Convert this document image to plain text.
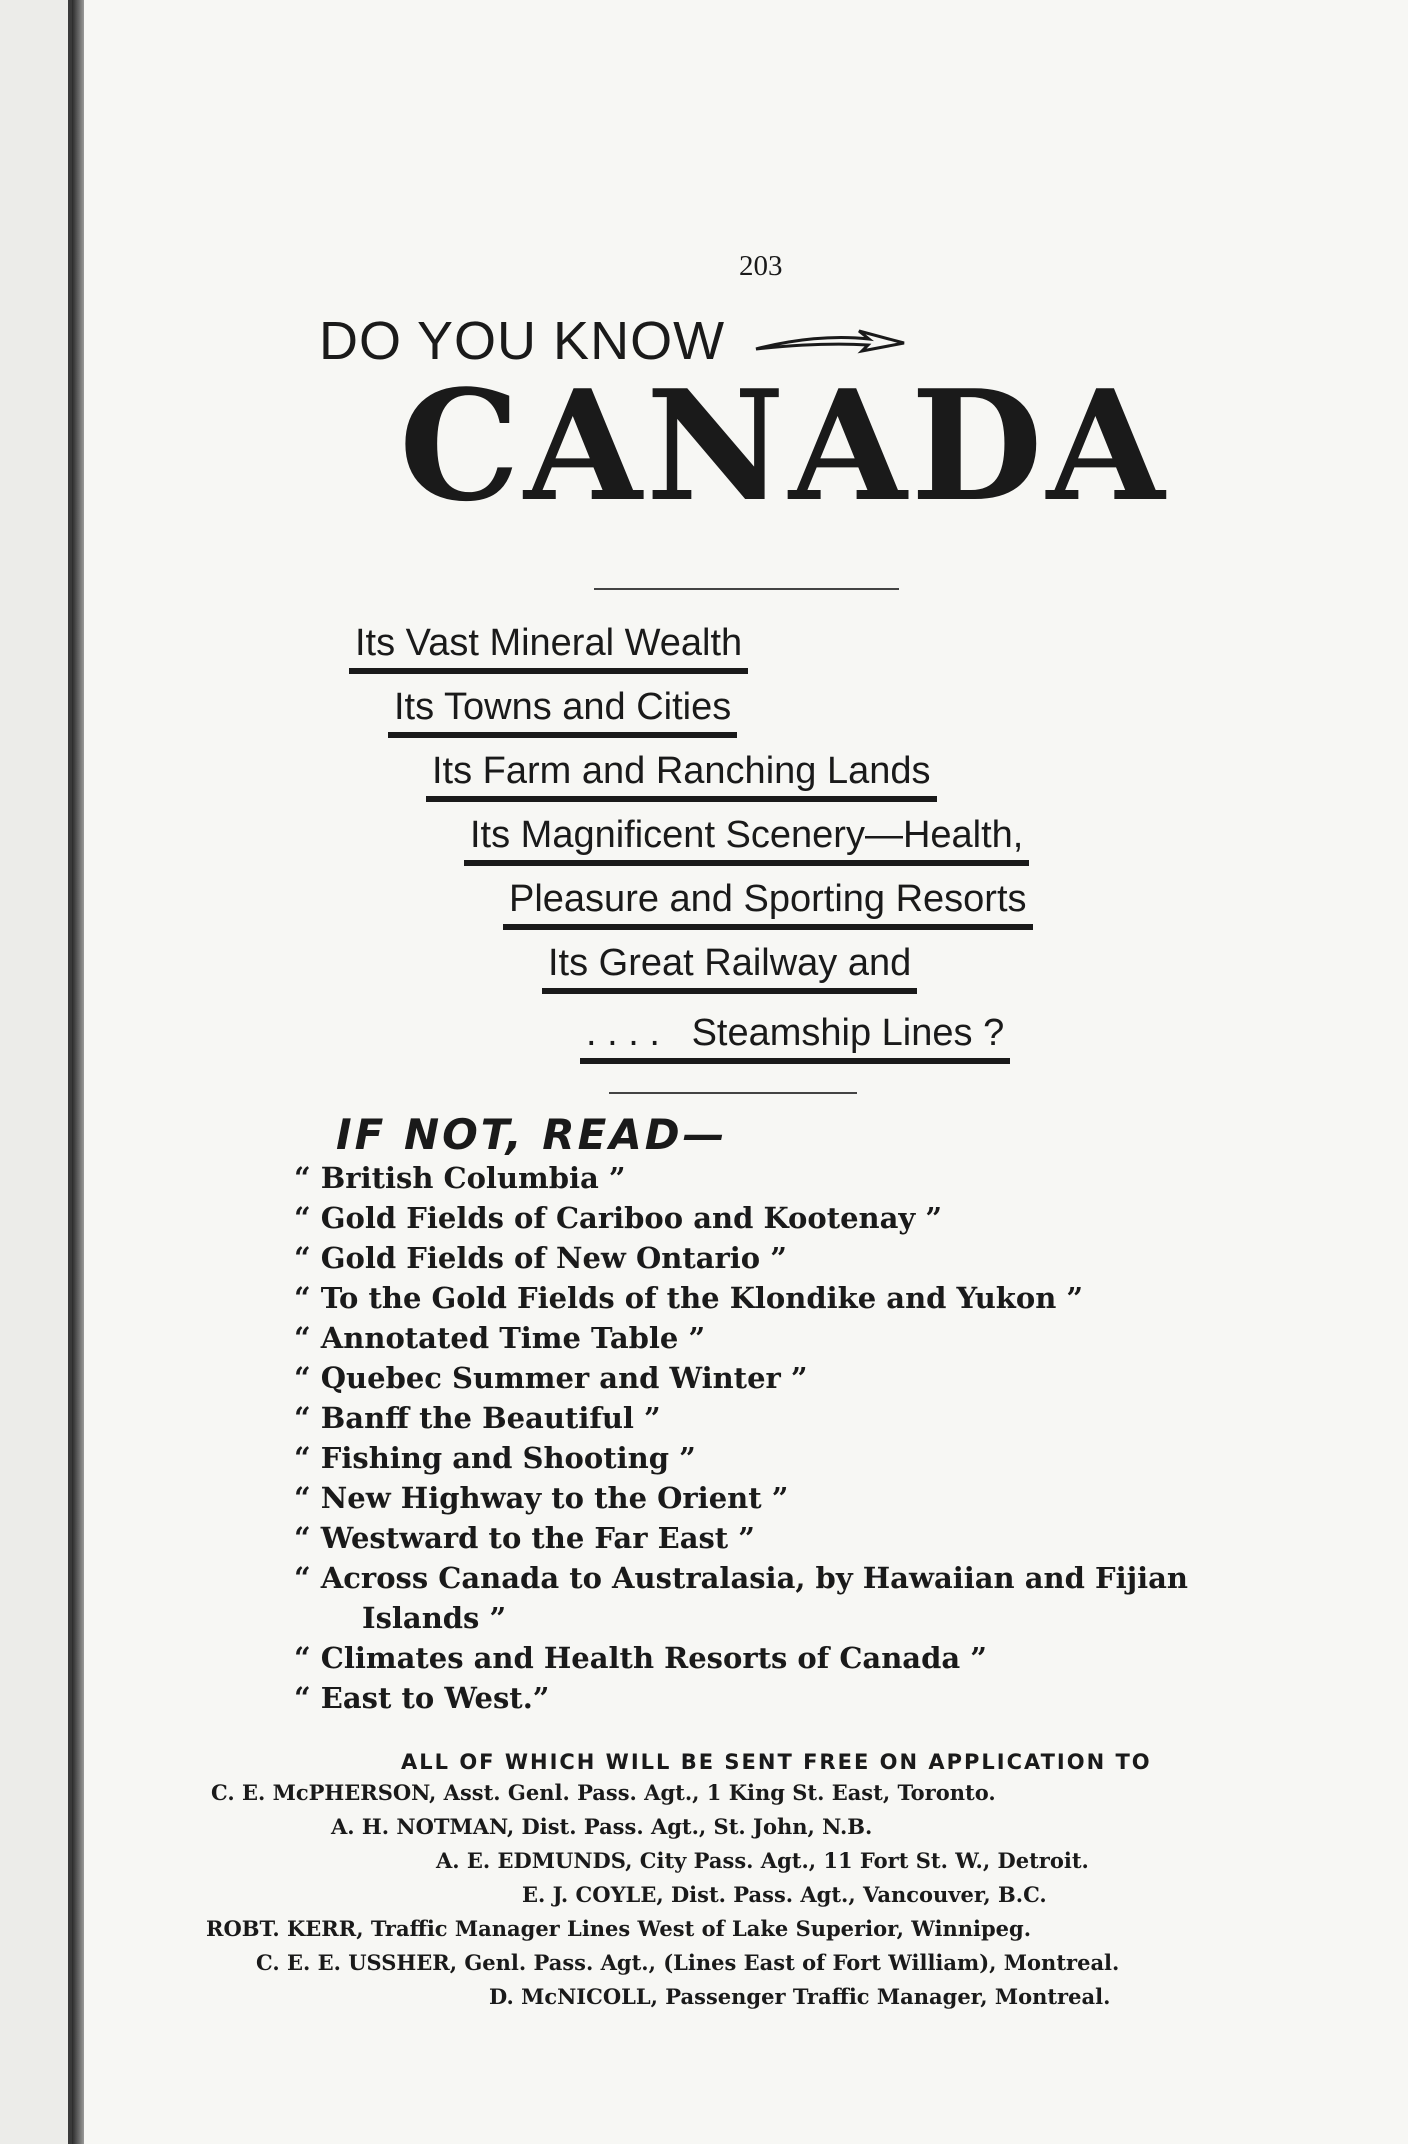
203
DO YOU KNOW
CANADA
Its Vast Mineral Wealth
Its Towns and Cities
Its Farm and Ranching Lands
Its Magnificent Scenery—Health,
Pleasure and Sporting Resorts
Its Great Railway and
. . . .   Steamship Lines ?
IF NOT, READ—
“ British Columbia ”
“ Gold Fields of Cariboo and Kootenay ”
“ Gold Fields of New Ontario ”
“ To the Gold Fields of the Klondike and Yukon ”
“ Annotated Time Table ”
“ Quebec Summer and Winter ”
“ Banff the Beautiful ”
“ Fishing and Shooting ”
“ New Highway to the Orient ”
“ Westward to the Far East ”
“ Across Canada to Australasia, by Hawaiian and Fijian
Islands ”
“ Climates and Health Resorts of Canada ”
“ East to West.”
ALL OF WHICH WILL BE SENT FREE ON APPLICATION TO
C. E. McPHERSON, Asst. Genl. Pass. Agt., 1 King St. East, Toronto.
A. H. NOTMAN, Dist. Pass. Agt., St. John, N.B.
A. E. EDMUNDS, City Pass. Agt., 11 Fort St. W., Detroit.
E. J. COYLE, Dist. Pass. Agt., Vancouver, B.C.
ROBT. KERR, Traffic Manager Lines West of Lake Superior, Winnipeg.
C. E. E. USSHER, Genl. Pass. Agt., (Lines East of Fort William), Montreal.
D. McNICOLL, Passenger Traffic Manager, Montreal.
